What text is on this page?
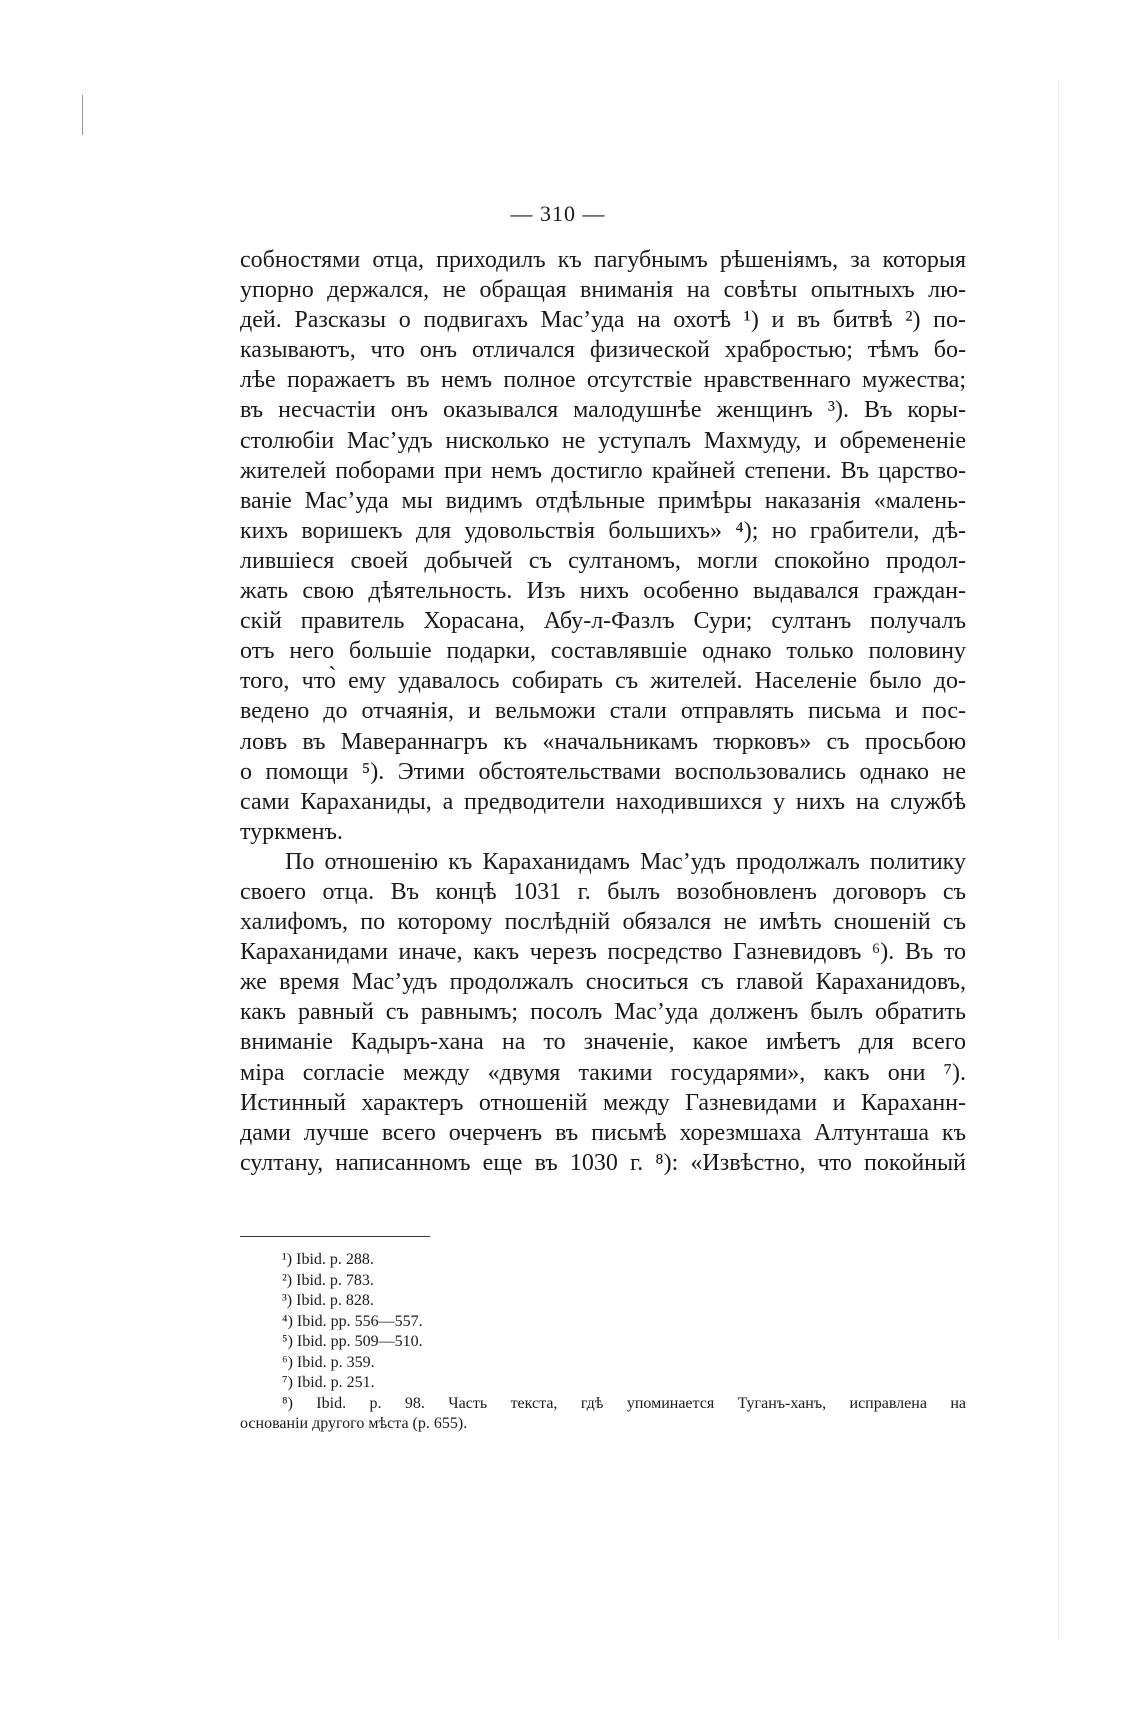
— 310 —
собностями отца, приходилъ къ пагубнымъ рѣшеніямъ, за которыя
упорно держался, не обращая вниманія на совѣты опытныхъ лю-
дей. Разсказы о подвигахъ Мас’уда на охотѣ ¹) и въ битвѣ ²) по-
казываютъ, что онъ отличался физической храбростью; тѣмъ бо-
лѣе поражаетъ въ немъ полное отсутствіе нравственнаго мужества;
въ несчастіи онъ оказывался малодушнѣе женщинъ ³). Въ коры-
столюбіи Мас’удъ нисколько не уступалъ Махмуду, и обремененіе
жителей поборами при немъ достигло крайней степени. Въ царство-
ваніе Мас’уда мы видимъ отдѣльные примѣры наказанія «малень-
кихъ воришекъ для удовольствія большихъ» ⁴); но грабители, дѣ-
лившіеся своей добычей съ султаномъ, могли спокойно продол-
жать свою дѣятельность. Изъ нихъ особенно выдавался граждан-
скій правитель Хорасана, Абу-л-Фазлъ Сури; султанъ получалъ
отъ него большіе подарки, составлявшіе однако только половину
того, что̀ ему удавалось собирать съ жителей. Населеніе было до-
ведено до отчаянія, и вельможи стали отправлять письма и пос-
ловъ въ Мавераннагръ къ «начальникамъ тюрковъ» съ просьбою
о помощи ⁵). Этими обстоятельствами воспользовались однако не
сами Караханиды, а предводители находившихся у нихъ на службѣ
туркменъ.
По отношенію къ Караханидамъ Мас’удъ продолжалъ политику
своего отца. Въ концѣ 1031 г. былъ возобновленъ договоръ съ
халифомъ, по которому послѣдній обязался не имѣть сношеній съ
Караханидами иначе, какъ черезъ посредство Газневидовъ ⁶). Въ то
же время Мас’удъ продолжалъ сноситься съ главой Караханидовъ,
какъ равный съ равнымъ; посолъ Мас’уда долженъ былъ обратить
вниманіе Кадыръ-хана на то значеніе, какое имѣетъ для всего
міра согласіе между «двумя такими государями», какъ они ⁷).
Истинный характеръ отношеній между Газневидами и Караханн-
дами лучше всего очерченъ въ письмѣ хорезмшаха Алтунташа къ
султану, написанномъ еще въ 1030 г. ⁸): «Извѣстно, что покойный
¹) Ibid. p. 288.
²) Ibid. p. 783.
³) Ibid. p. 828.
⁴) Ibid. pp. 556—557.
⁵) Ibid. pp. 509—510.
⁶) Ibid. p. 359.
⁷) Ibid. p. 251.
⁸) Ibid. p. 98. Часть текста, гдѣ упоминается Туганъ-ханъ, исправлена на
основаніи другого мѣста (р. 655).
